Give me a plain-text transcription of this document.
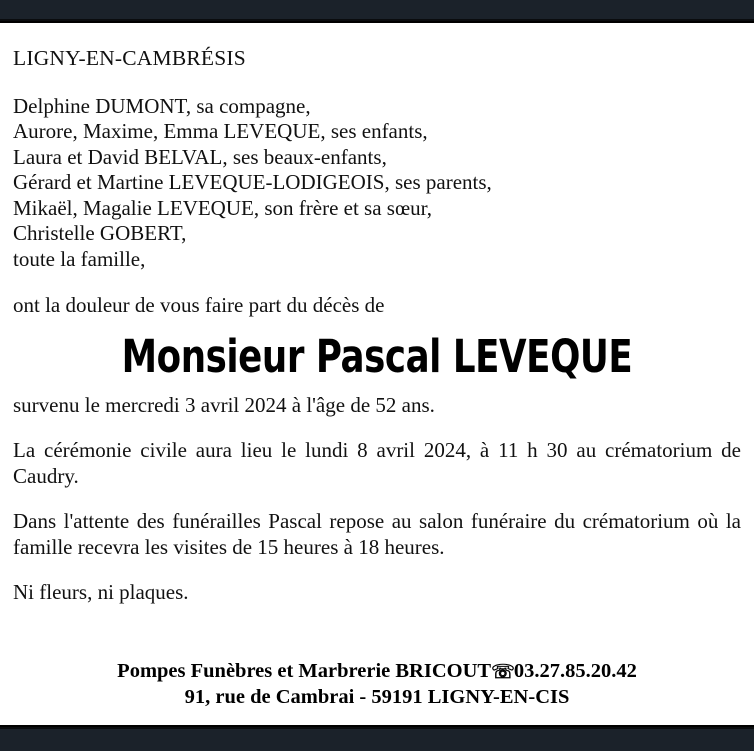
LIGNY-EN-CAMBRÉSIS
Delphine DUMONT, sa compagne,
Aurore, Maxime, Emma LEVEQUE, ses enfants,
Laura et David BELVAL, ses beaux-enfants,
Gérard et Martine LEVEQUE-LODIGEOIS, ses parents,
Mikaël, Magalie LEVEQUE, son frère et sa sœur,
Christelle GOBERT,
toute la famille,
ont la douleur de vous faire part du décès de
Monsieur Pascal LEVEQUE
survenu le mercredi 3 avril 2024 à l'âge de 52 ans.
La cérémonie civile aura lieu le lundi 8 avril 2024, à 11 h 30 au crématorium de Caudry.
Dans l'attente des funérailles Pascal repose au salon funéraire du crématorium où la famille recevra les visites de 15 heures à 18 heures.
Ni fleurs, ni plaques.
Pompes Funèbres et Marbrerie BRICOUT☏03.27.85.20.42
91, rue de Cambrai - 59191 LIGNY-EN-CIS
